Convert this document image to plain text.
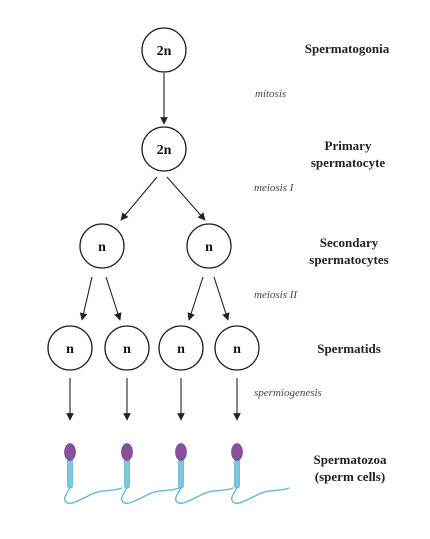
2n	Spermatogonia
mitosis
2n	Primary
spermatocyte
meiosis I
n	n	Secondary
spermatocytes
meiosis II
n	n	n	n	Spermatids
spermiogenesis
Spermatozoa
(sperm cells)
